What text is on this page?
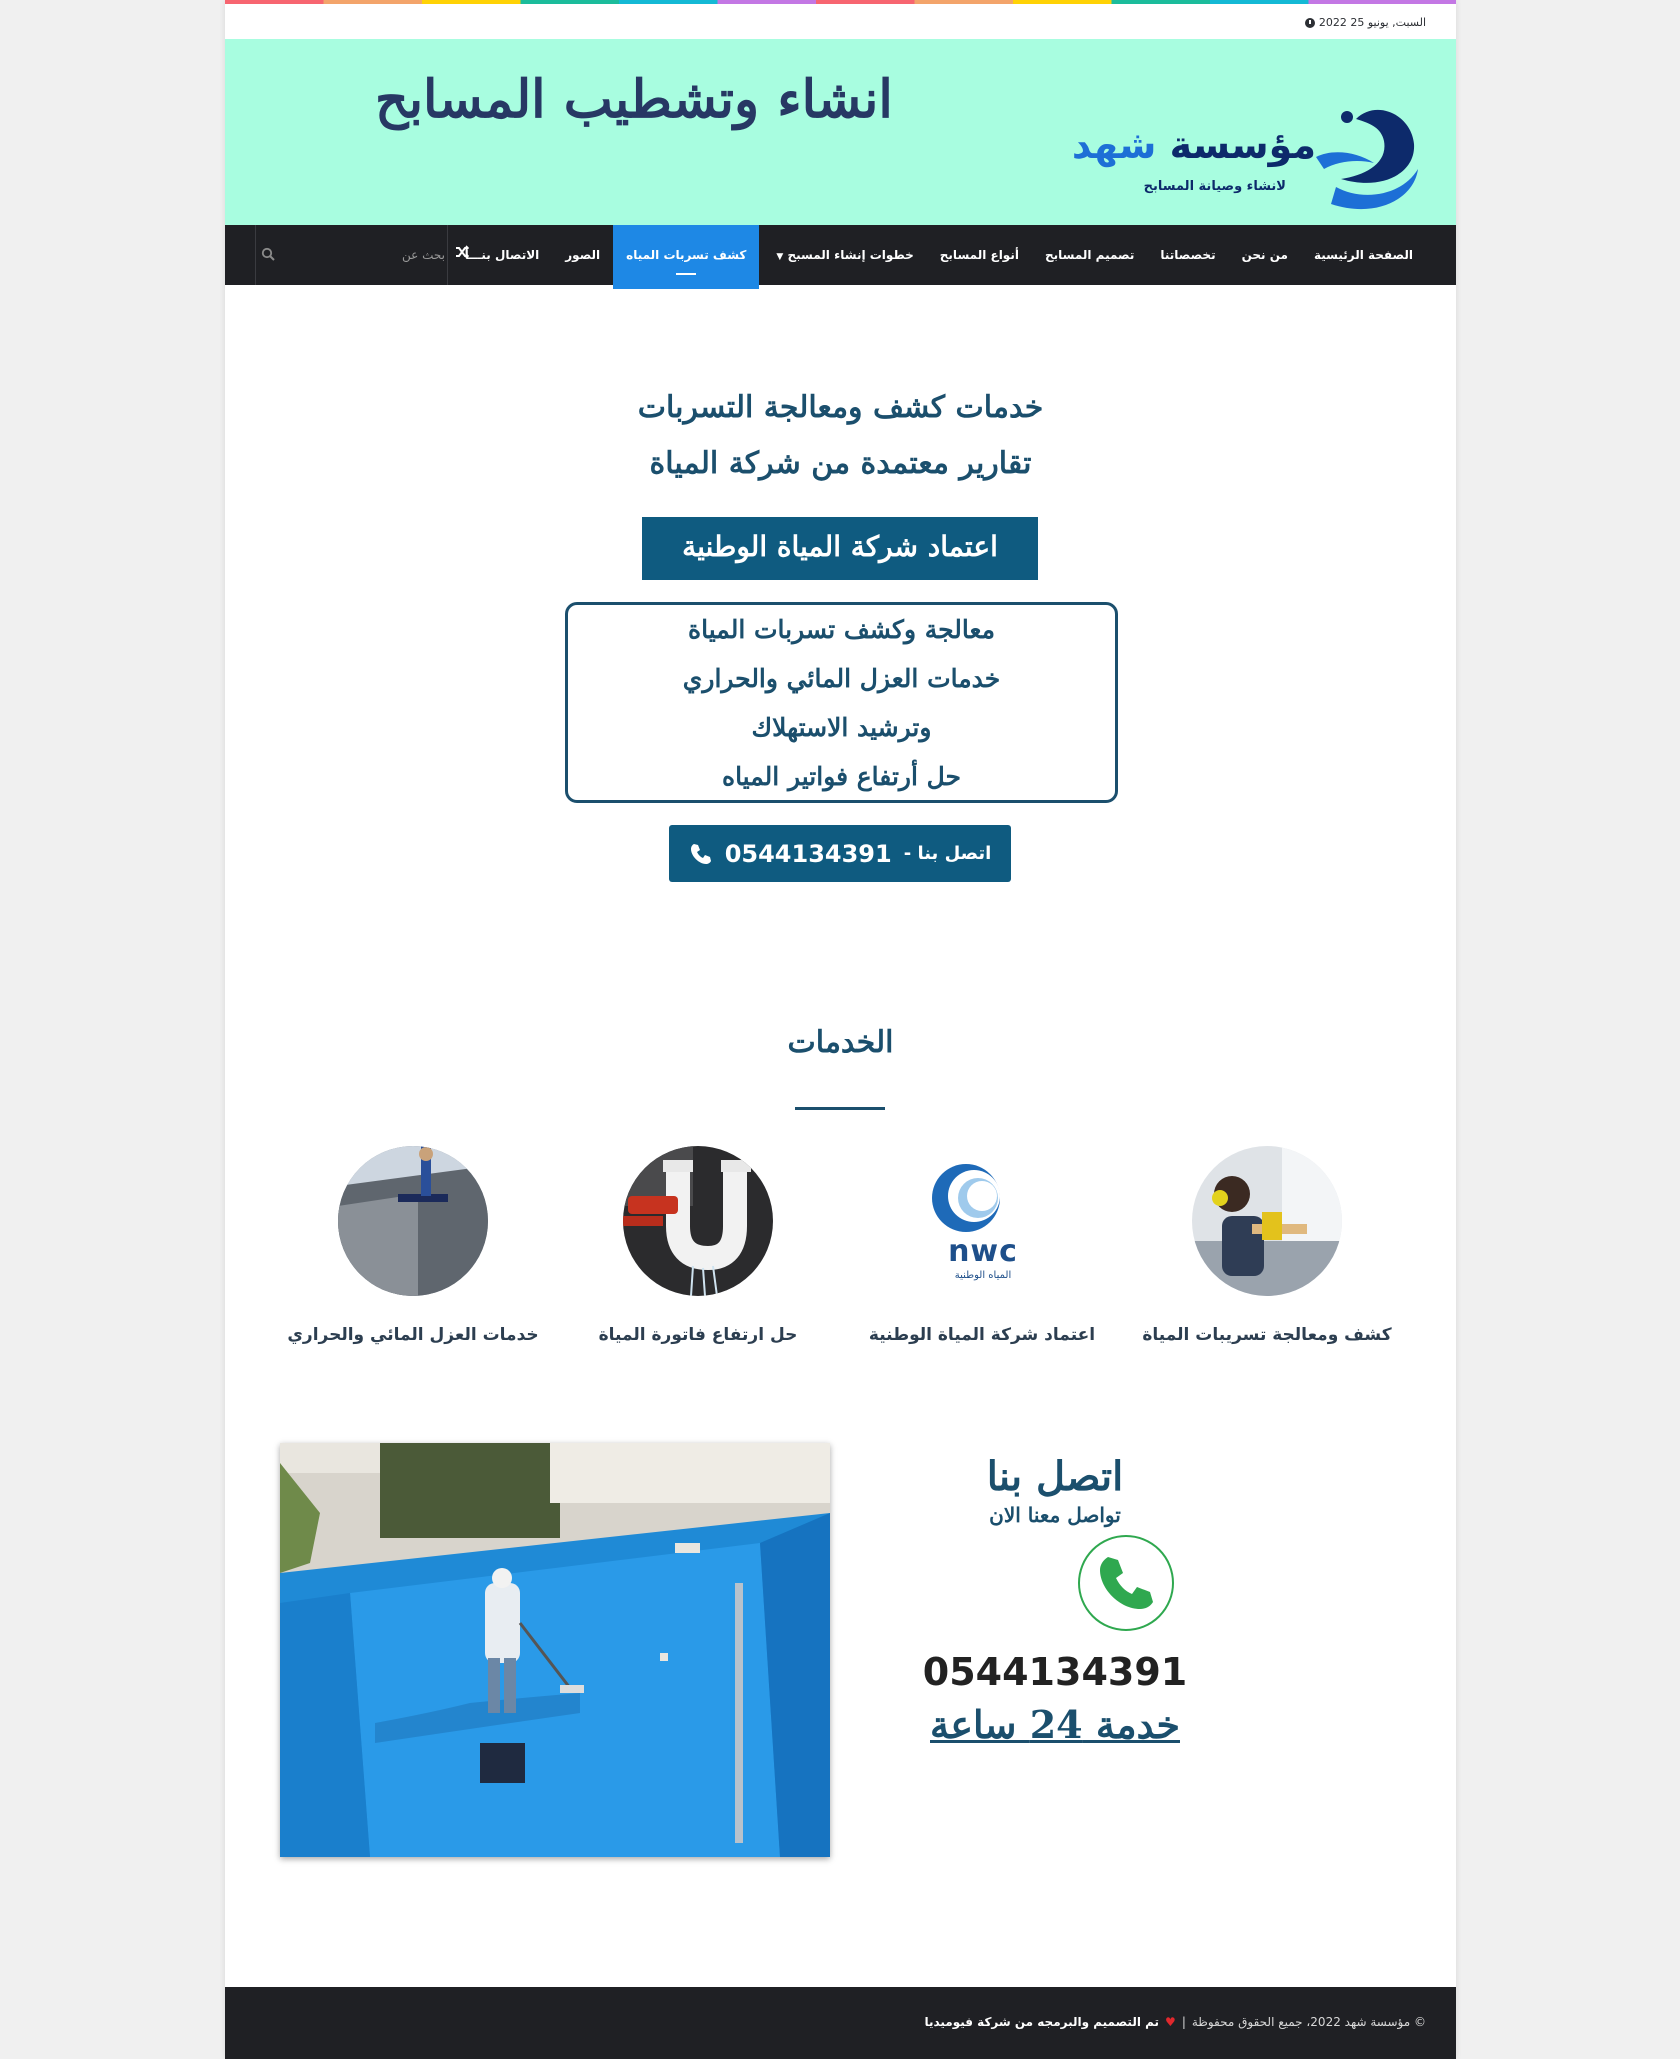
السبت, يونيو 25 2022
مؤسسة شهد
لانشاء وصيانة المسابح
انشاء وتشطيب المسابح
الصفحة الرئيسية
من نحن
تخصصاتنا
تصميم المسابح
أنواع المسابح
خطوات إنشاء المسبح ▼
كشف تسربات المياه
الصور
الاتصال بنـــا
بحث عن
خدمات كشف ومعالجة التسربات
تقارير معتمدة من شركة المياة
اعتماد شركة المياة الوطنية
معالجة وكشف تسربات المياة
خدمات العزل المائي والحراري
وترشيد الاستهلاك
حل أرتفاع فواتير المياه
اتصل بنا -
0544134391
الخدمات
كشف ومعالجة تسريبات المياة
nwc
المياه الوطنية
اعتماد شركة المياة الوطنية
حل ارتفاع فاتورة المياة
خدمات العزل المائي والحراري
اتصل بنا
تواصل معنا الان
0544134391
خدمة 24 ساعة
© مؤسسة شهد 2022، جميع الحقوق محفوظة
|
♥
تم التصميم والبرمجه من شركة فيوميديا
